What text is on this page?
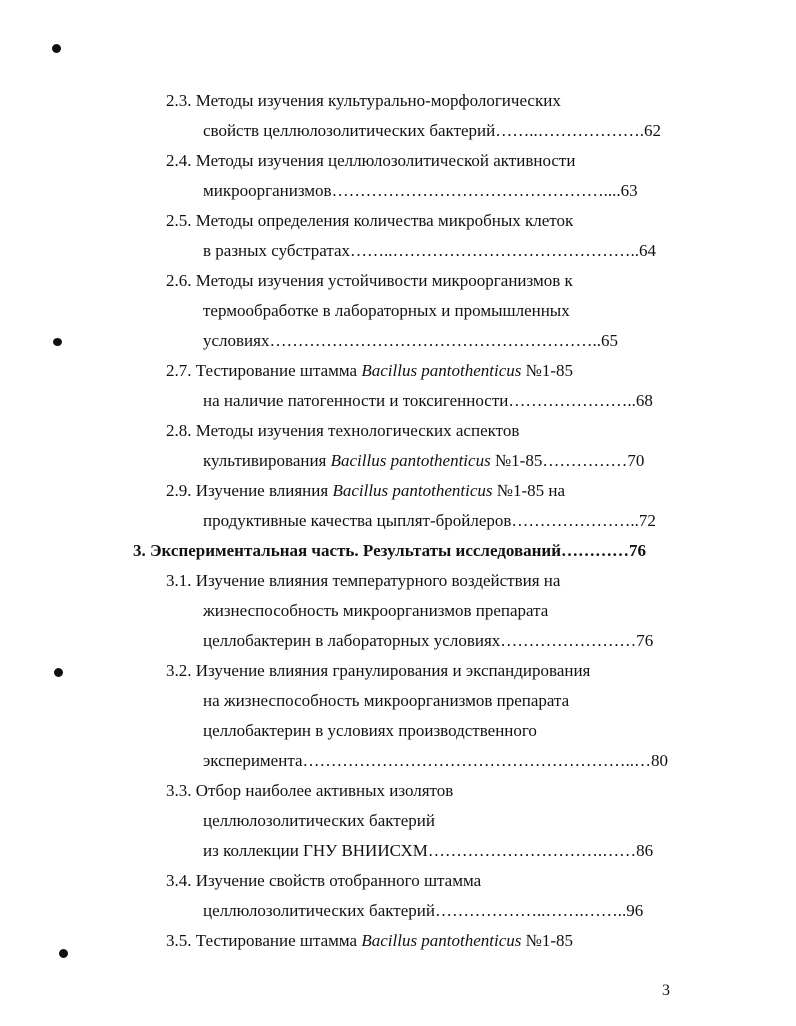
2.3. Методы изучения культурально-морфологических
свойств целлюлозолитических бактерий……..……………….62
2.4. Методы изучения целлюлозолитической активности
микроорганизмов…………………………………………....63
2.5. Методы определения количества микробных клеток
в разных субстратах……..……………………………………..64
2.6. Методы изучения устойчивости микроорганизмов к
термообработке в лабораторных и промышленных
условиях…………………………………………………..65
2.7. Тестирование штамма Bacillus pantothenticus №1-85
на наличие патогенности и токсигенности…………………..68
2.8. Методы изучения технологических аспектов
культивирования Bacillus pantothenticus №1-85……………70
2.9. Изучение влияния Bacillus pantothenticus №1-85 на
продуктивные качества цыплят-бройлеров…………………..72
3. Экспериментальная часть. Результаты исследований…………76
3.1. Изучение влияния температурного воздействия на
жизнеспособность микроорганизмов препарата
целлобактерин в лабораторных условиях……………………76
3.2. Изучение влияния гранулирования и экспандирования
на жизнеспособность микроорганизмов препарата
целлобактерин в условиях производственного
эксперимента…………………………………………………..…80
3.3. Отбор наиболее активных изолятов
целлюлозолитических бактерий
из коллекции ГНУ ВНИИСХМ………………………….……86
3.4. Изучение свойств отобранного штамма
целлюлозолитических бактерий………………..…….……..96
3.5. Тестирование штамма Bacillus pantothenticus №1-85
3
